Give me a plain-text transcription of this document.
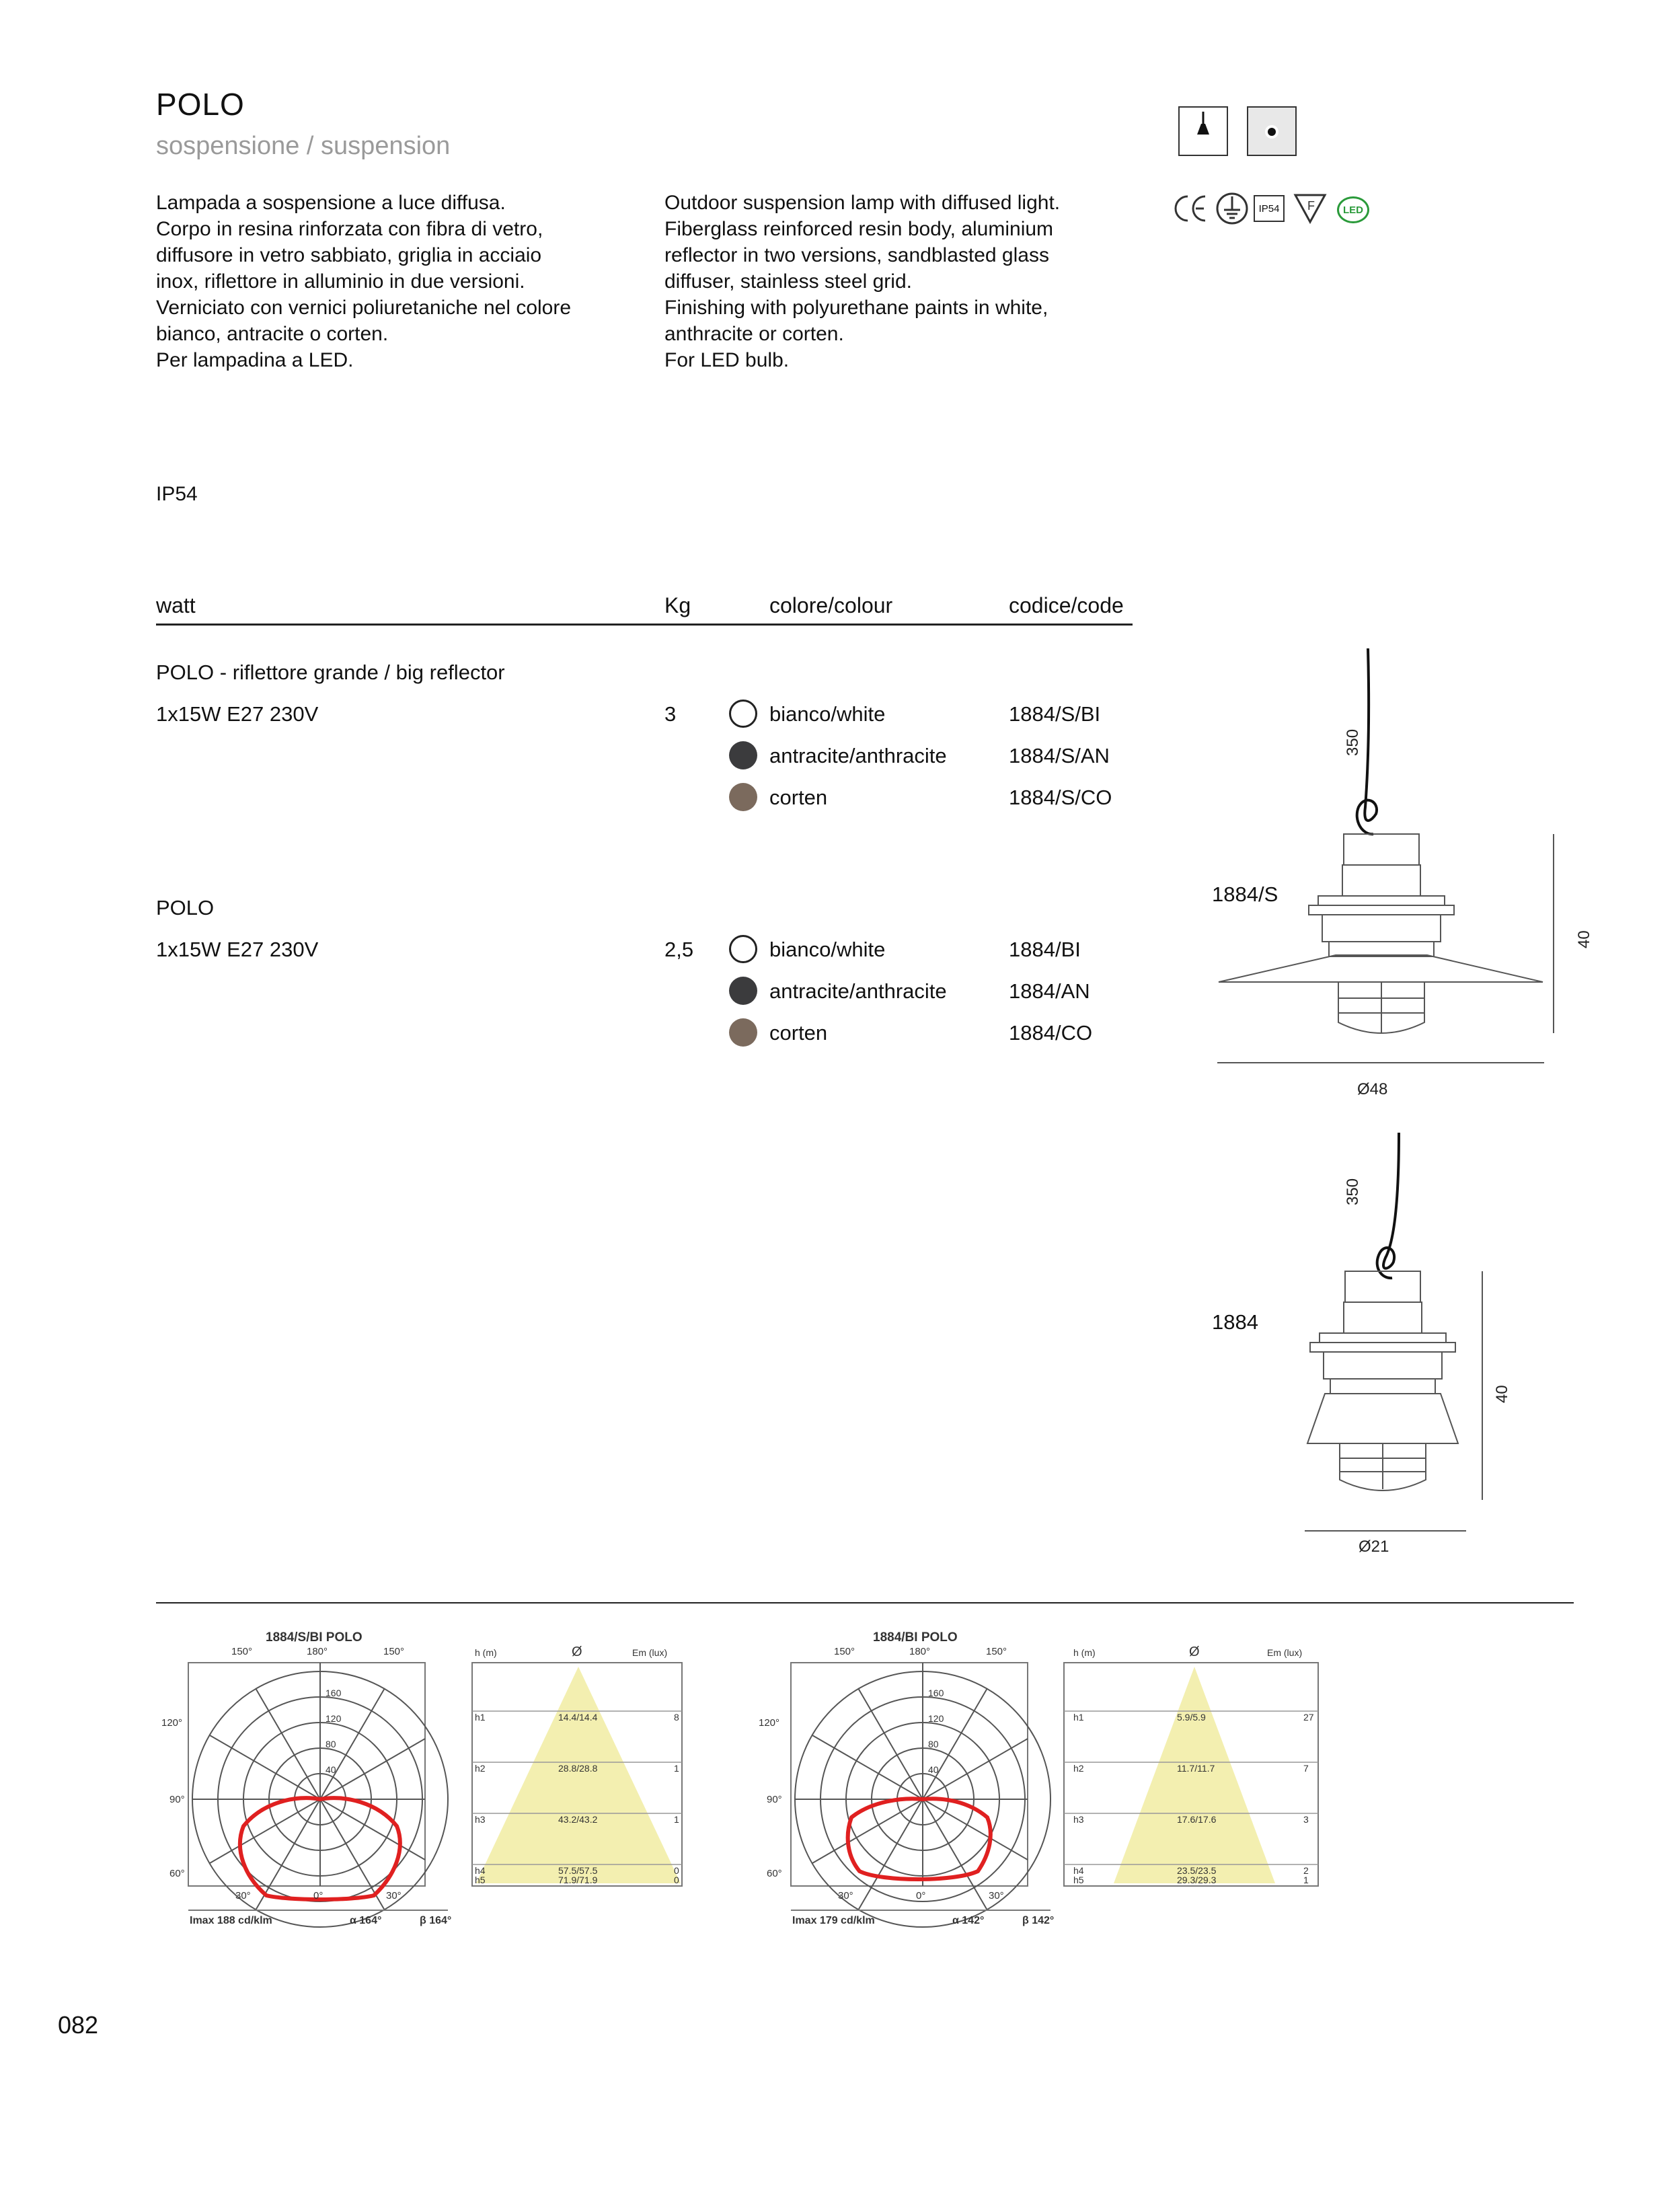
POLO
sospensione / suspension
IP54	F	LED
Lampada a sospensione a luce diffusa.
Corpo in resina rinforzata con fibra di vetro,
diffusore in vetro sabbiato, griglia in acciaio
inox, riflettore in alluminio in due versioni.
Verniciato con vernici poliuretaniche nel colore
bianco, antracite o corten.
Per lampadina a LED.
Outdoor suspension lamp with diffused light.
Fiberglass reinforced resin body, aluminium
reflector in two versions, sandblasted glass
diffuser, stainless steel grid.
Finishing with polyurethane paints in white,
anthracite or corten.
For LED bulb.
IP54
watt	Kg	colore/colour	codice/code
POLO - riflettore grande / big reflector
1x15W E27 230V	3	bianco/white	1884/S/BI
antracite/anthracite	1884/S/AN
corten	1884/S/CO
POLO
1x15W E27 230V	2,5	bianco/white	1884/BI
antracite/anthracite	1884/AN
corten	1884/CO
350
40
Ø48
1884/S
350
40
Ø21
1884
1884/S/BI POLO
150°	180°	150°
120°
90°
60°
30°	0°	30°
160
120
80
40
Imax 188 cd/klm	α 164°	β 164°
h (m)	Ø	Em (lux)
h1	14.4/14.4	8
h2	28.8/28.8	1
h3	43.2/43.2	1
h4	57.5/57.5	0
h5	71.9/71.9	0
1884/BI POLO
150°	180°	150°
120°
90°
60°
30°	0°	30°
160
120
80
40
Imax 179 cd/klm	α 142°	β 142°
h (m)	Ø	Em (lux)
h1	5.9/5.9	27
h2	11.7/11.7	7
h3	17.6/17.6	3
h4	23.5/23.5	2
h5	29.3/29.3	1
082
